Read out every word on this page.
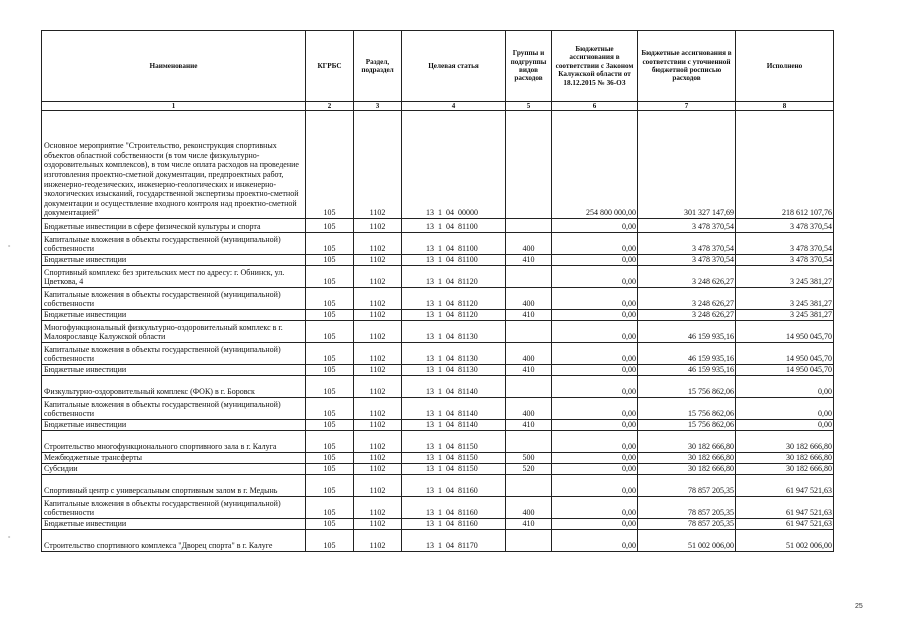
Наименование	КГРБС	Раздел, подраздел	Целевая статья	Группы и подгруппы видов расходов	Бюджетные ассигнования в соответствии с Законом Калужской области от 18.12.2015 № 36-ОЗ	Бюджетные ассигнования в соответствии с уточненной бюджетной росписью расходов	Исполнено
1	2	3	4	5	6	7	8
Основное мероприятие "Строительство, реконструкция спортивных объектов областной собственности (в том числе физкультурно-оздоровительных комплексов), в том числе оплата расходов на проведение изготовления проектно-сметной документации, предпроектных работ, инженерно-геодезических, инженерно-геологических и инженерно-экологических изысканий, государственной экспертизы проектно-сметной документации и осуществление входного контроля над проектно-сметной документацией"	105	1102	13  1  04  00000		254 800 000,00	301 327 147,69	218 612 107,76
Бюджетные инвестиции в сфере физической культуры и спорта	105	1102	13  1  04  81100		0,00	3 478 370,54	3 478 370,54
Капитальные вложения в объекты государственной (муниципальной) собственности	105	1102	13  1  04  81100	400	0,00	3 478 370,54	3 478 370,54
Бюджетные инвестиции	105	1102	13  1  04  81100	410	0,00	3 478 370,54	3 478 370,54
Спортивный комплекс без зрительских мест по адресу: г. Обнинск, ул. Цветкова, 4	105	1102	13  1  04  81120		0,00	3 248 626,27	3 245 381,27
Капитальные вложения в объекты государственной (муниципальной) собственности	105	1102	13  1  04  81120	400	0,00	3 248 626,27	3 245 381,27
Бюджетные инвестиции	105	1102	13  1  04  81120	410	0,00	3 248 626,27	3 245 381,27
Многофункциональный физкультурно-оздоровительный комплекс в г. Малоярославце Калужской области	105	1102	13  1  04  81130		0,00	46 159 935,16	14 950 045,70
Капитальные вложения в объекты государственной (муниципальной) собственности	105	1102	13  1  04  81130	400	0,00	46 159 935,16	14 950 045,70
Бюджетные инвестиции	105	1102	13  1  04  81130	410	0,00	46 159 935,16	14 950 045,70
Физкультурно-оздоровительный комплекс (ФОК) в г. Боровск	105	1102	13  1  04  81140		0,00	15 756 862,06	0,00
Капитальные вложения в объекты государственной (муниципальной) собственности	105	1102	13  1  04  81140	400	0,00	15 756 862,06	0,00
Бюджетные инвестиции	105	1102	13  1  04  81140	410	0,00	15 756 862,06	0,00
Строительство многофункционального спортивного зала в г. Калуга	105	1102	13  1  04  81150		0,00	30 182 666,80	30 182 666,80
Межбюджетные трансферты	105	1102	13  1  04  81150	500	0,00	30 182 666,80	30 182 666,80
Субсидии	105	1102	13  1  04  81150	520	0,00	30 182 666,80	30 182 666,80
Спортивный центр с универсальным спортивным залом в г. Медынь	105	1102	13  1  04  81160		0,00	78 857 205,35	61 947 521,63
Капитальные вложения в объекты государственной (муниципальной) собственности	105	1102	13  1  04  81160	400	0,00	78 857 205,35	61 947 521,63
Бюджетные инвестиции	105	1102	13  1  04  81160	410	0,00	78 857 205,35	61 947 521,63
Строительство спортивного комплекса "Дворец спорта" в г. Калуге	105	1102	13  1  04  81170		0,00	51 002 006,00	51 002 006,00
°
°
25
